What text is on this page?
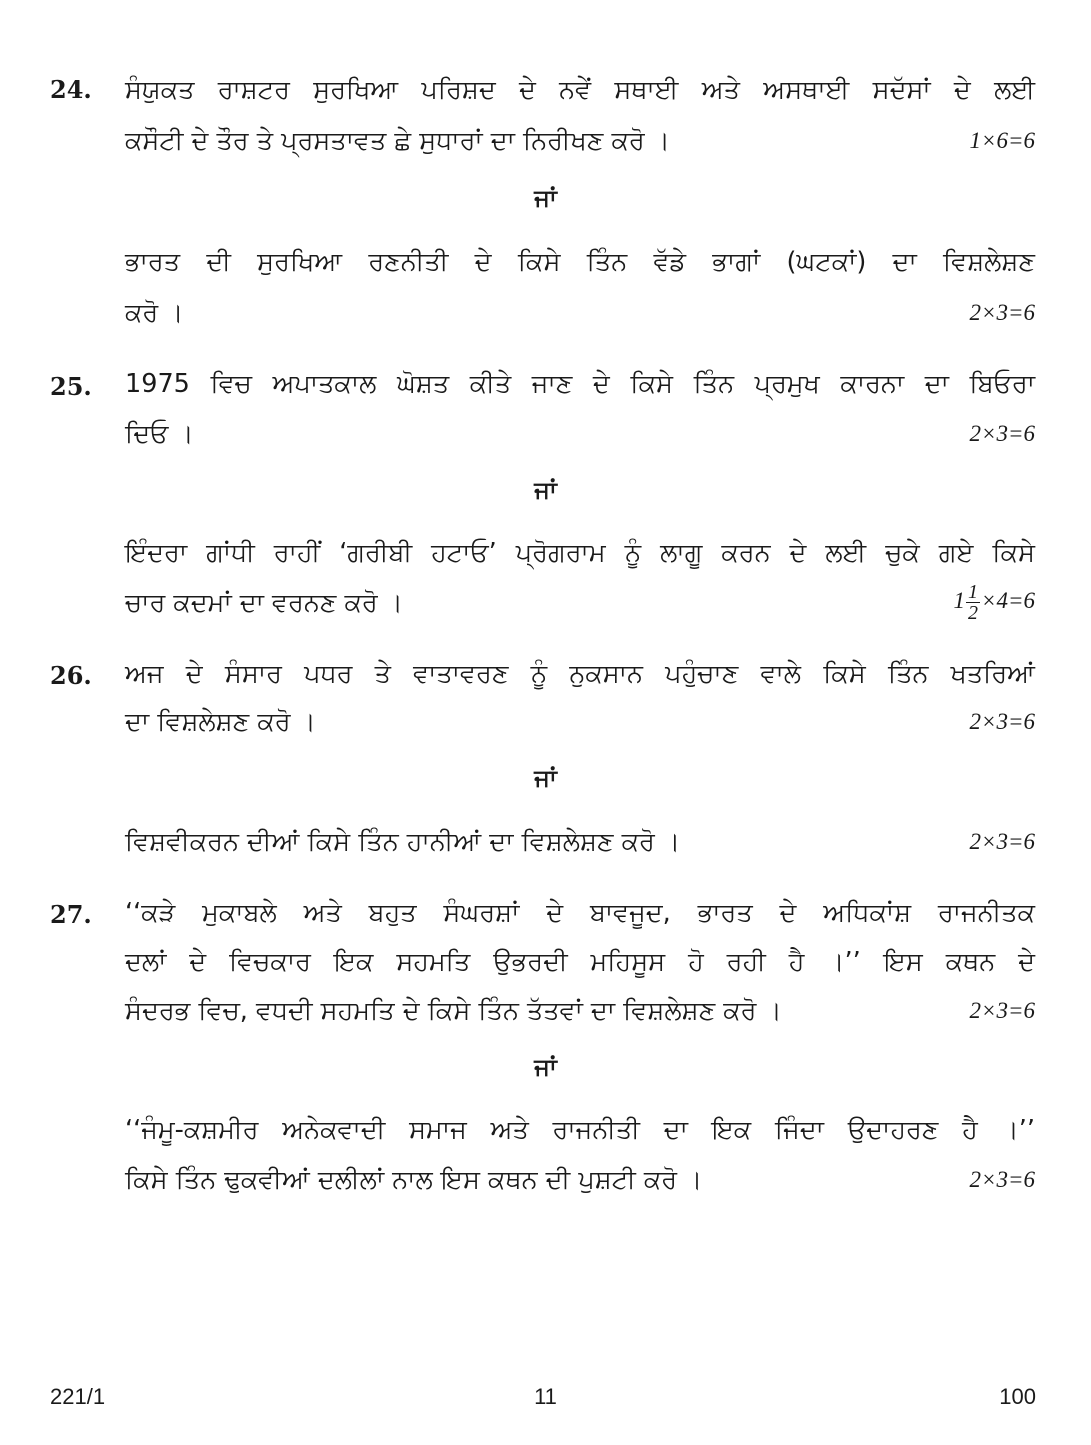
24. ਸੰਯੁਕਤ ਰਾਸ਼ਟਰ ਸੁਰਖਿਆ ਪਰਿਸ਼ਦ ਦੇ ਨਵੇਂ ਸਥਾਈ ਅਤੇ ਅਸਥਾਈ ਸਦੱਸਾਂ ਦੇ ਲਈ
ਕਸੌਟੀ ਦੇ ਤੌਰ ਤੇ ਪ੍ਰਸਤਾਵਤ ਛੇ ਸੁਧਾਰਾਂ ਦਾ ਨਿਰੀਖਣ ਕਰੋ ।	1×6=6
ਜਾਂ
ਭਾਰਤ ਦੀ ਸੁਰਖਿਆ ਰਣਨੀਤੀ ਦੇ ਕਿਸੇ ਤਿੰਨ ਵੱਡੇ ਭਾਗਾਂ (ਘਟਕਾਂ) ਦਾ ਵਿਸ਼ਲੇਸ਼ਣ
ਕਰੋ ।	2×3=6
25. 1975 ਵਿਚ ਅਪਾਤਕਾਲ ਘੋਸ਼ਤ ਕੀਤੇ ਜਾਣ ਦੇ ਕਿਸੇ ਤਿੰਨ ਪ੍ਰਮੁਖ ਕਾਰਨਾ ਦਾ ਬਿਓਰਾ
ਦਿਓ ।	2×3=6
ਜਾਂ
ਇੰਦਰਾ ਗਾਂਧੀ ਰਾਹੀਂ ‘ਗਰੀਬੀ ਹਟਾਓ’ ਪ੍ਰੋਗਰਾਮ ਨੂੰ ਲਾਗੂ ਕਰਨ ਦੇ ਲਈ ਚੁਕੇ ਗਏ ਕਿਸੇ
ਚਾਰ ਕਦਮਾਂ ਦਾ ਵਰਨਣ ਕਰੋ ।	$1 \frac{1}{2} \times 4=6$
26. ਅਜ ਦੇ ਸੰਸਾਰ ਪਧਰ ਤੇ ਵਾਤਾਵਰਣ ਨੂੰ ਨੁਕਸਾਨ ਪਹੁੰਚਾਣ ਵਾਲੇ ਕਿਸੇ ਤਿੰਨ ਖਤਰਿਆਂ
ਦਾ ਵਿਸ਼ਲੇਸ਼ਣ ਕਰੋ ।	2×3=6
ਜਾਂ
ਵਿਸ਼ਵੀਕਰਨ ਦੀਆਂ ਕਿਸੇ ਤਿੰਨ ਹਾਨੀਆਂ ਦਾ ਵਿਸ਼ਲੇਸ਼ਣ ਕਰੋ ।	2×3=6
27. ‘‘ਕੜੇ ਮੁਕਾਬਲੇ ਅਤੇ ਬਹੁਤ ਸੰਘਰਸ਼ਾਂ ਦੇ ਬਾਵਜੂਦ, ਭਾਰਤ ਦੇ ਅਧਿਕਾਂਸ਼ ਰਾਜਨੀਤਕ
ਦਲਾਂ ਦੇ ਵਿਚਕਾਰ ਇਕ ਸਹਮਤਿ ਉਭਰਦੀ ਮਹਿਸੂਸ ਹੋ ਰਹੀ ਹੈ ।’’ ਇਸ ਕਥਨ ਦੇ
ਸੰਦਰਭ ਵਿਚ, ਵਧਦੀ ਸਹਮਤਿ ਦੇ ਕਿਸੇ ਤਿੰਨ ਤੱਤਵਾਂ ਦਾ ਵਿਸ਼ਲੇਸ਼ਣ ਕਰੋ ।	2×3=6
ਜਾਂ
‘‘ਜੰਮੂ-ਕਸ਼ਮੀਰ ਅਨੇਕਵਾਦੀ ਸਮਾਜ ਅਤੇ ਰਾਜਨੀਤੀ ਦਾ ਇਕ ਜਿੰਦਾ ਉਦਾਹਰਣ ਹੈ ।’’
ਕਿਸੇ ਤਿੰਨ ਢੁਕਵੀਆਂ ਦਲੀਲਾਂ ਨਾਲ ਇਸ ਕਥਨ ਦੀ ਪੁਸ਼ਟੀ ਕਰੋ ।	2×3=6
221/1	11	100
